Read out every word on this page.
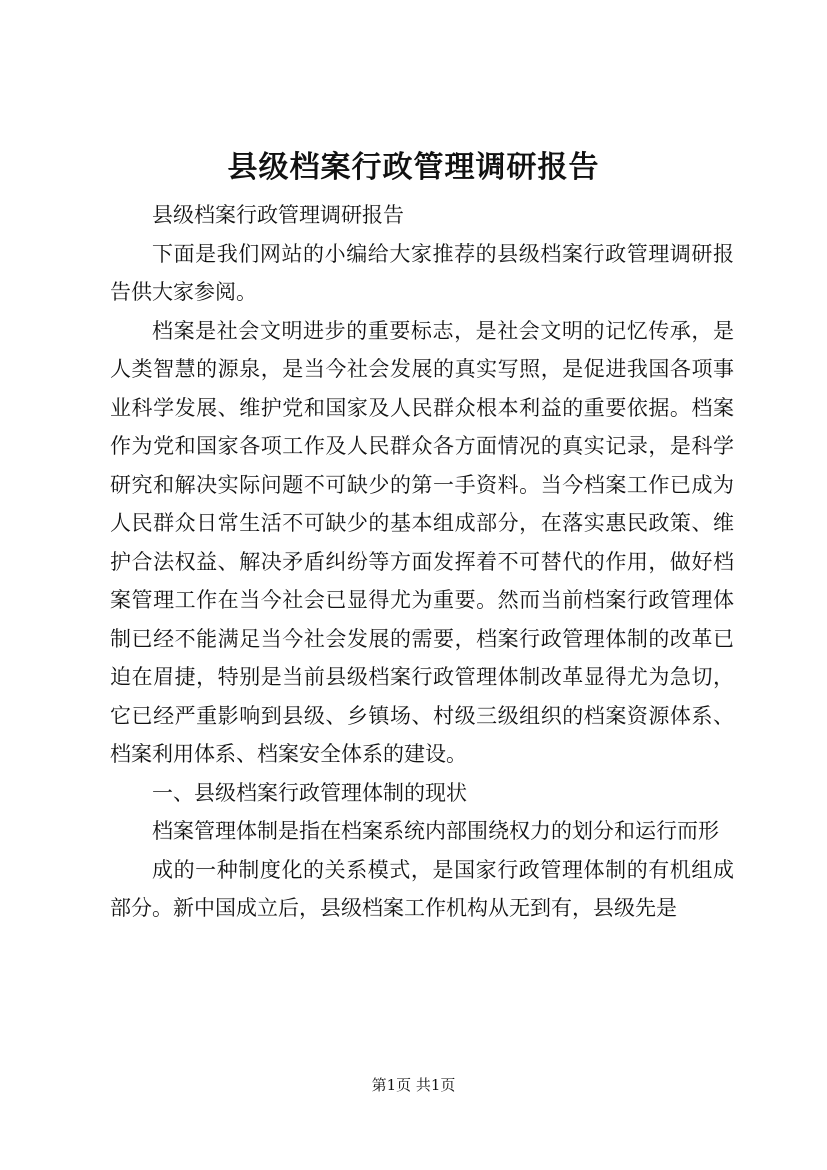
县级档案行政管理调研报告

县级档案行政管理调研报告

下面是我们网站的小编给大家推荐的县级档案行政管理调研报告供大家参阅。

档案是社会文明进步的重要标志，是社会文明的记忆传承，是人类智慧的源泉，是当今社会发展的真实写照，是促进我国各项事业科学发展、维护党和国家及人民群众根本利益的重要依据。档案作为党和国家各项工作及人民群众各方面情况的真实记录，是科学研究和解决实际问题不可缺少的第一手资料。当今档案工作已成为人民群众日常生活不可缺少的基本组成部分，在落实惠民政策、维护合法权益、解决矛盾纠纷等方面发挥着不可替代的作用，做好档案管理工作在当今社会已显得尤为重要。然而当前档案行政管理体制已经不能满足当今社会发展的需要，档案行政管理体制的改革已迫在眉捷，特别是当前县级档案行政管理体制改革显得尤为急切，它已经严重影响到县级、乡镇场、村级三级组织的档案资源体系、档案利用体系、档案安全体系的建设。

一、县级档案行政管理体制的现状

档案管理体制是指在档案系统内部围绕权力的划分和运行而形

成的一种制度化的关系模式，是国家行政管理体制的有机组成部分。新中国成立后，县级档案工作机构从无到有，县级先是

第1页 共1页
